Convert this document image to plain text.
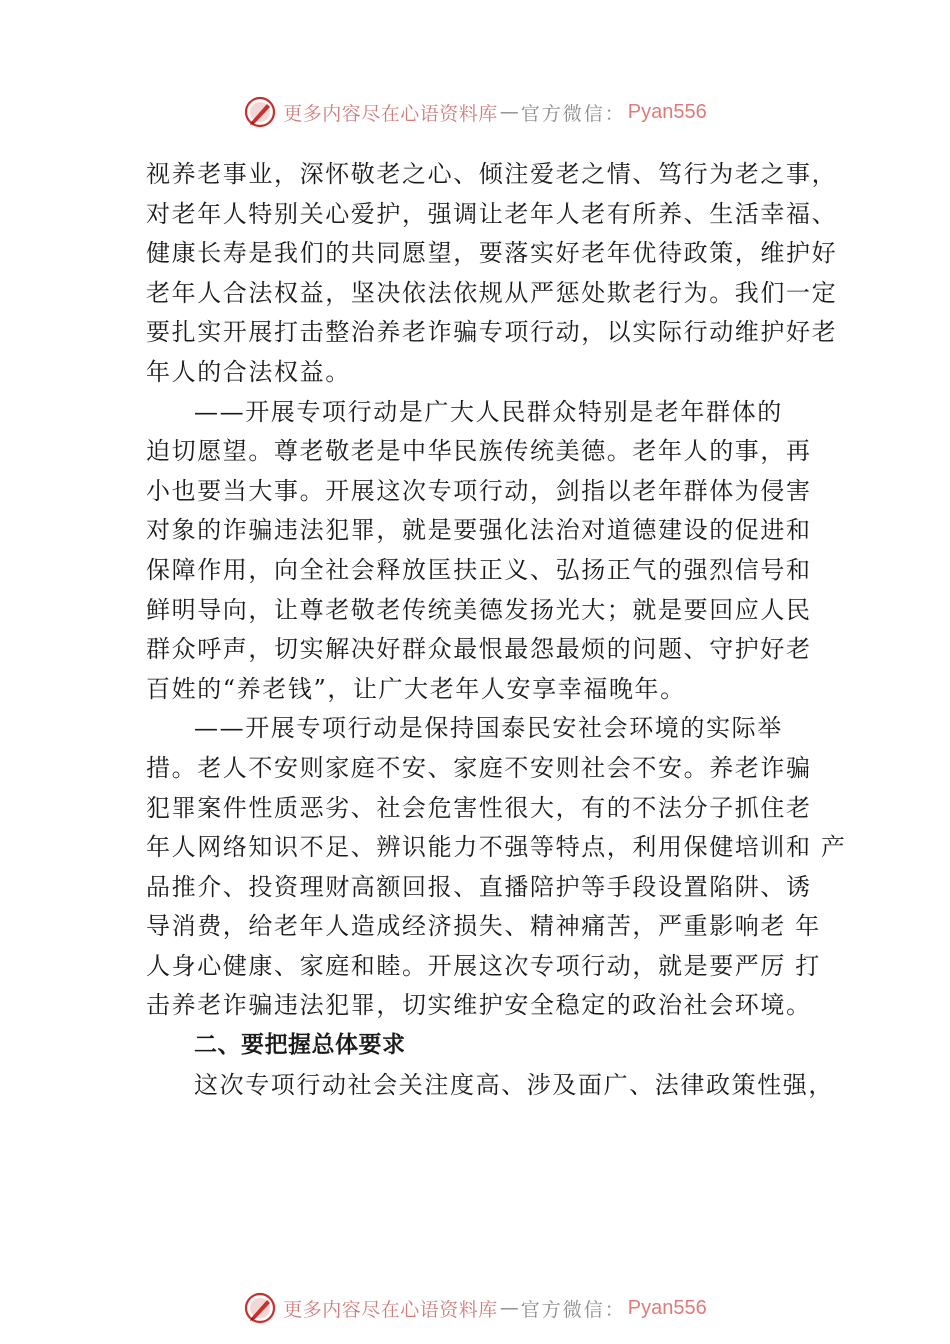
更多内容尽在心语资料库 — 官方微信： Pyan556
视养老事业，深怀敬老之心、倾注爱老之情、笃行为老之事，
对老年人特别关心爱护，强调让老年人老有所养、生活幸福、
健康长寿是我们的共同愿望，要落实好老年优待政策，维护好
老年人合法权益，坚决依法依规从严惩处欺老行为。我们一定
要扎实开展打击整治养老诈骗专项行动，以实际行动维护好老
年人的合法权益。
——开展专项行动是广大人民群众特别是老年群体的
迫切愿望。尊老敬老是中华民族传统美德。老年人的事，再
小也要当大事。开展这次专项行动，剑指以老年群体为侵害
对象的诈骗违法犯罪，就是要强化法治对道德建设的促进和
保障作用，向全社会释放匡扶正义、弘扬正气的强烈信号和
鲜明导向，让尊老敬老传统美德发扬光大；就是要回应人民
群众呼声，切实解决好群众最恨最怨最烦的问题、守护好老
百姓的“养老钱”，让广大老年人安享幸福晚年。
——开展专项行动是保持国泰民安社会环境的实际举
措。老人不安则家庭不安、家庭不安则社会不安。养老诈骗
犯罪案件性质恶劣、社会危害性很大，有的不法分子抓住老
年人网络知识不足、辨识能力不强等特点，利用保健培训和 产
品推介、投资理财高额回报、直播陪护等手段设置陷阱、诱
导消费，给老年人造成经济损失、精神痛苦，严重影响老 年
人身心健康、家庭和睦。开展这次专项行动，就是要严厉 打
击养老诈骗违法犯罪，切实维护安全稳定的政治社会环境。
二、要把握总体要求
这次专项行动社会关注度高、涉及面广、法律政策性强，
更多内容尽在心语资料库 — 官方微信： Pyan556
